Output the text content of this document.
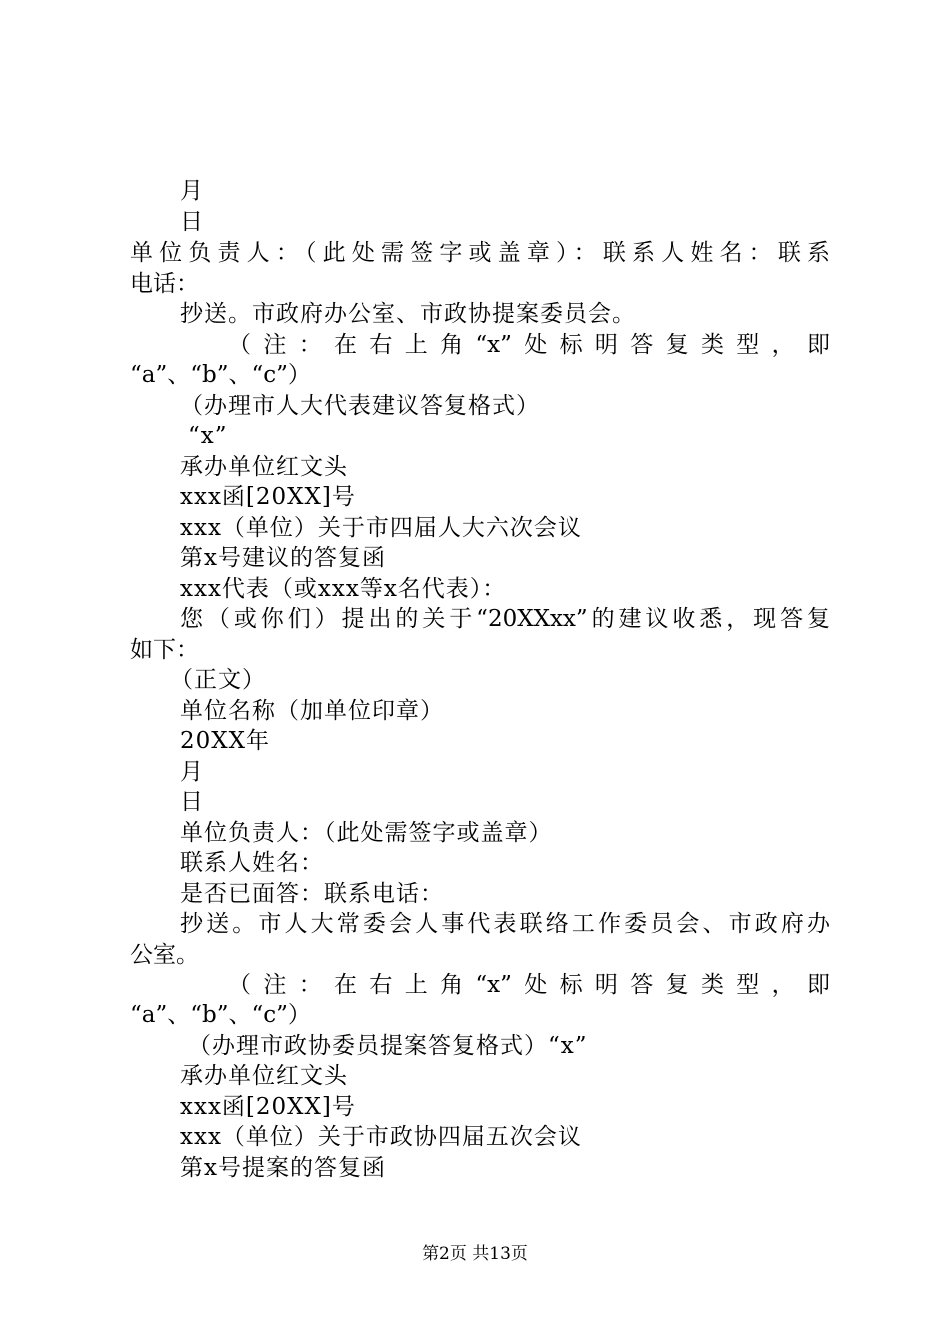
月
日
单位负责人：（此处需签字或盖章）：联系人姓名：联系
电话：
抄送。市政府办公室、市政协提案委员会。
（注：在右上角“x”处标明答复类型，即
“a”、“b”、“c”）
（办理市人大代表建议答复格式）
“x”
承办单位红文头
xxx函[20XX]号
xxx（单位）关于市四届人大六次会议
第x号建议的答复函
xxx代表（或xxx等x名代表）：
您（或你们）提出的关于“20XXxx”的建议收悉，现答复
如下：
（正文）
单位名称（加单位印章）
20XX年
月
日
单位负责人：（此处需签字或盖章）
联系人姓名：
是否已面答：联系电话：
抄送。市人大常委会人事代表联络工作委员会、市政府办
公室。
（注：在右上角“x”处标明答复类型，即
“a”、“b”、“c”）
（办理市政协委员提案答复格式）“x”
承办单位红文头
xxx函[20XX]号
xxx（单位）关于市政协四届五次会议
第x号提案的答复函
第2页 共13页
